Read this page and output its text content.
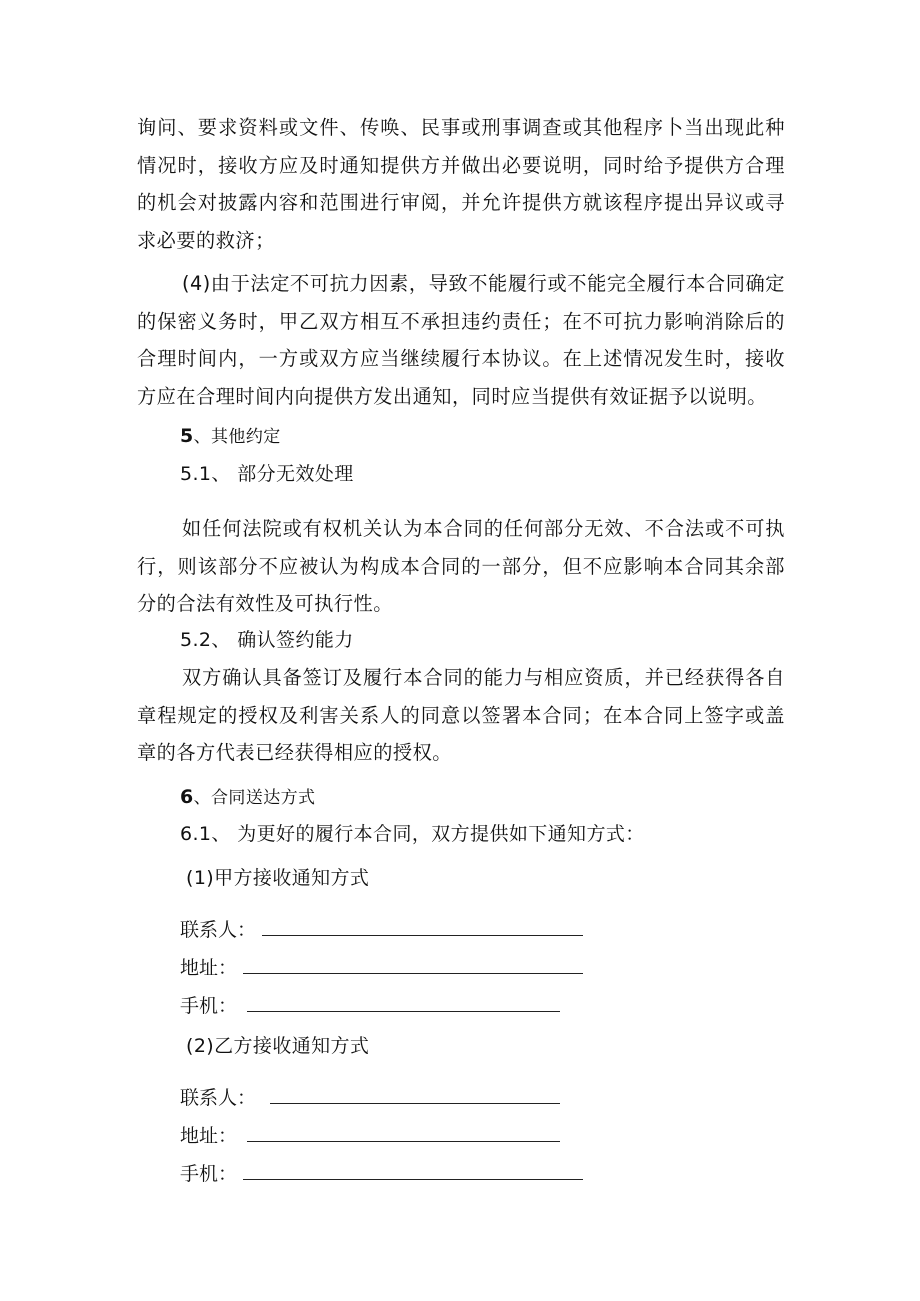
询问、要求资料或文件、传唤、民事或刑事调查或其他程序卜当出现此种情况时，接收方应及时通知提供方并做出必要说明，同时给予提供方合理的机会对披露内容和范围进行审阅，并允许提供方就该程序提出异议或寻求必要的救济；
(4)由于法定不可抗力因素，导致不能履行或不能完全履行本合同确定的保密义务时，甲乙双方相互不承担违约责任；在不可抗力影响消除后的合理时间内，一方或双方应当继续履行本协议。在上述情况发生时，接收方应在合理时间内向提供方发出通知，同时应当提供有效证据予以说明。
5、其他约定
5.1、 部分无效处理
如任何法院或有权机关认为本合同的任何部分无效、不合法或不可执行，则该部分不应被认为构成本合同的一部分，但不应影响本合同其余部分的合法有效性及可执行性。
5.2、 确认签约能力
双方确认具备签订及履行本合同的能力与相应资质，并已经获得各自章程规定的授权及利害关系人的同意以签署本合同；在本合同上签字或盖章的各方代表已经获得相应的授权。
6、合同送达方式
6.1、 为更好的履行本合同，双方提供如下通知方式：
(1)甲方接收通知方式
联系人：
地址：
手机：
(2)乙方接收通知方式
联系人：
地址：
手机：
